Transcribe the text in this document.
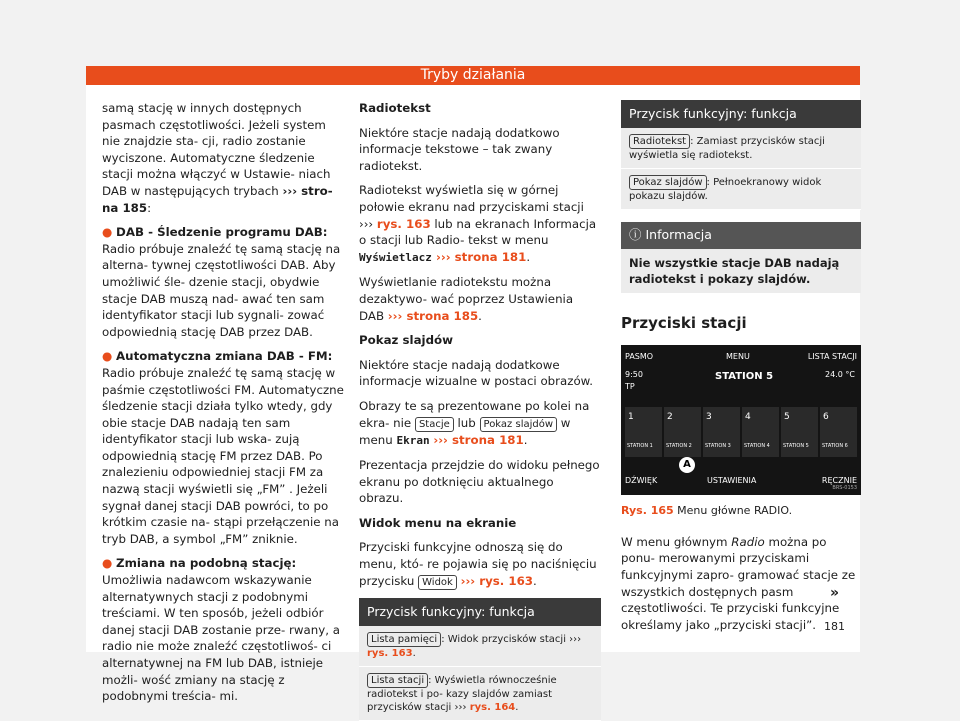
Tryby działania

samą stację w innych dostępnych pasmach częstotliwości. Jeżeli system nie znajdzie sta- cji, radio zostanie wyciszone. Automatyczne śledzenie stacji można włączyć w Ustawie- niach DAB w następujących trybach ››› stro- na 185:

● DAB - Śledzenie programu DAB: Radio próbuje znaleźć tę samą stację na alterna- tywnej częstotliwości DAB. Aby umożliwić śle- dzenie stacji, obydwie stacje DAB muszą nad- awać ten sam identyfikator stacji lub sygnali- zować odpowiednią stację DAB przez DAB.

● Automatyczna zmiana DAB - FM: Radio próbuje znaleźć tę samą stację w paśmie częstotliwości FM. Automatyczne śledzenie stacji działa tylko wtedy, gdy obie stacje DAB nadają ten sam identyfikator stacji lub wska- zują odpowiednią stację FM przez DAB. Po znalezieniu odpowiedniej stacji FM za nazwą stacji wyświetli się „FM” . Jeżeli sygnał danej stacji DAB powróci, to po krótkim czasie na- stąpi przełączenie na tryb DAB, a symbol „FM” zniknie.

● Zmiana na podobną stację: Umożliwia nadawcom wskazywanie alternatywnych stacji z podobnymi treściami. W ten sposób, jeżeli odbiór danej stacji DAB zostanie prze- rwany, a radio nie może znaleźć częstotliwoś- ci alternatywnej na FM lub DAB, istnieje możli- wość zmiany na stację z podobnymi treścia- mi.

Radiotekst

Niektóre stacje nadają dodatkowo informacje tekstowe – tak zwany radiotekst.

Radiotekst wyświetla się w górnej połowie ekranu nad przyciskami stacji ››› rys. 163 lub na ekranach Informacja o stacji lub Radio- tekst w menu Wyświetlacz ››› strona 181.

Wyświetlanie radiotekstu można dezaktywo- wać poprzez Ustawienia DAB ››› strona 185.

Pokaz slajdów

Niektóre stacje nadają dodatkowe informacje wizualne w postaci obrazów.

Obrazy te są prezentowane po kolei na ekra- nie Stacje lub Pokaz slajdów w menu Ekran ››› strona 181.

Prezentacja przejdzie do widoku pełnego ekranu po dotknięciu aktualnego obrazu.

Widok menu na ekranie

Przyciski funkcyjne odnoszą się do menu, któ- re pojawia się po naciśnięciu przycisku Widok ››› rys. 163.

Przycisk funkcyjny: funkcja
Lista pamięci : Widok przycisków stacji ››› rys. 163.
Lista stacji : Wyświetla równocześnie radiotekst i po- kazy slajdów zamiast przycisków stacji ››› rys. 164.
Przycisk funkcyjny: funkcja
Radiotekst : Zamiast przycisków stacji wyświetla się radiotekst.
Pokaz slajdów : Pełnoekranowy widok pokazu slajdów.
ⓘ Informacja
Nie wszystkie stacje DAB nadają radiotekst i pokazy slajdów.
Przyciski stacji
PASMO	MENU	LISTA STACJI
9:50
TP
STATION 5	24.0 °C
1
STATION 1
2
STATION 2
3
STATION 3
4
STATION 4
5
STATION 5
6
STATION 6
DŹWIĘK	USTAWIENIA	RĘCZNIE
BRS-0153
A
Rys. 165 Menu główne RADIO.

W menu głównym Radio można po ponu- merowanymi przyciskami funkcyjnymi zapro- gramować stacje ze wszystkich dostępnych pasm częstotliwości. Te przyciski funkcyjne określamy jako „przyciski stacji”.

»
181
